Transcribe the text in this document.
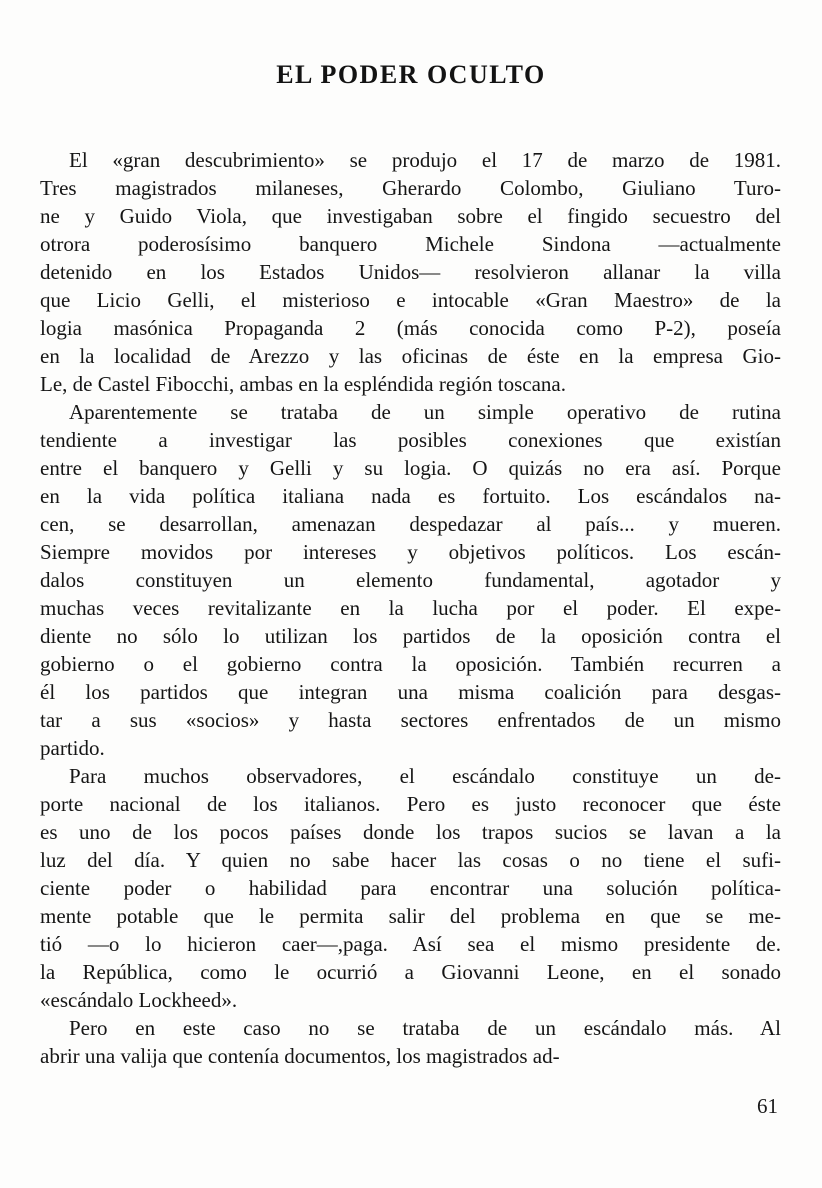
EL PODER OCULTO
El «gran descubrimiento» se produjo el 17 de marzo de 1981.
Tres magistrados milaneses, Gherardo Colombo, Giuliano Turo-
ne y Guido Viola, que investigaban sobre el fingido secuestro del
otrora poderosísimo banquero Michele Sindona —actualmente
detenido en los Estados Unidos— resolvieron allanar la villa
que Licio Gelli, el misterioso e intocable «Gran Maestro» de la
logia masónica Propaganda 2 (más conocida como P-2), poseía
en la localidad de Arezzo y las oficinas de éste en la empresa Gio-
Le, de Castel Fibocchi, ambas en la espléndida región toscana.
Aparentemente se trataba de un simple operativo de rutina
tendiente a investigar las posibles conexiones que existían
entre el banquero y Gelli y su logia. O quizás no era así. Porque
en la vida política italiana nada es fortuito. Los escándalos na-
cen, se desarrollan, amenazan despedazar al país... y mueren.
Siempre movidos por intereses y objetivos políticos. Los escán-
dalos constituyen un elemento fundamental, agotador y
muchas veces revitalizante en la lucha por el poder. El expe-
diente no sólo lo utilizan los partidos de la oposición contra el
gobierno o el gobierno contra la oposición. También recurren a
él los partidos que integran una misma coalición para desgas-
tar a sus «socios» y hasta sectores enfrentados de un mismo
partido.
Para muchos observadores, el escándalo constituye un de-
porte nacional de los italianos. Pero es justo reconocer que éste
es uno de los pocos países donde los trapos sucios se lavan a la
luz del día. Y quien no sabe hacer las cosas o no tiene el sufi-
ciente poder o habilidad para encontrar una solución política-
mente potable que le permita salir del problema en que se me-
tió —o lo hicieron caer—,paga. Así sea el mismo presidente de.
la República, como le ocurrió a Giovanni Leone, en el sonado
«escándalo Lockheed».
Pero en este caso no se trataba de un escándalo más. Al
abrir una valija que contenía documentos, los magistrados ad-
61
